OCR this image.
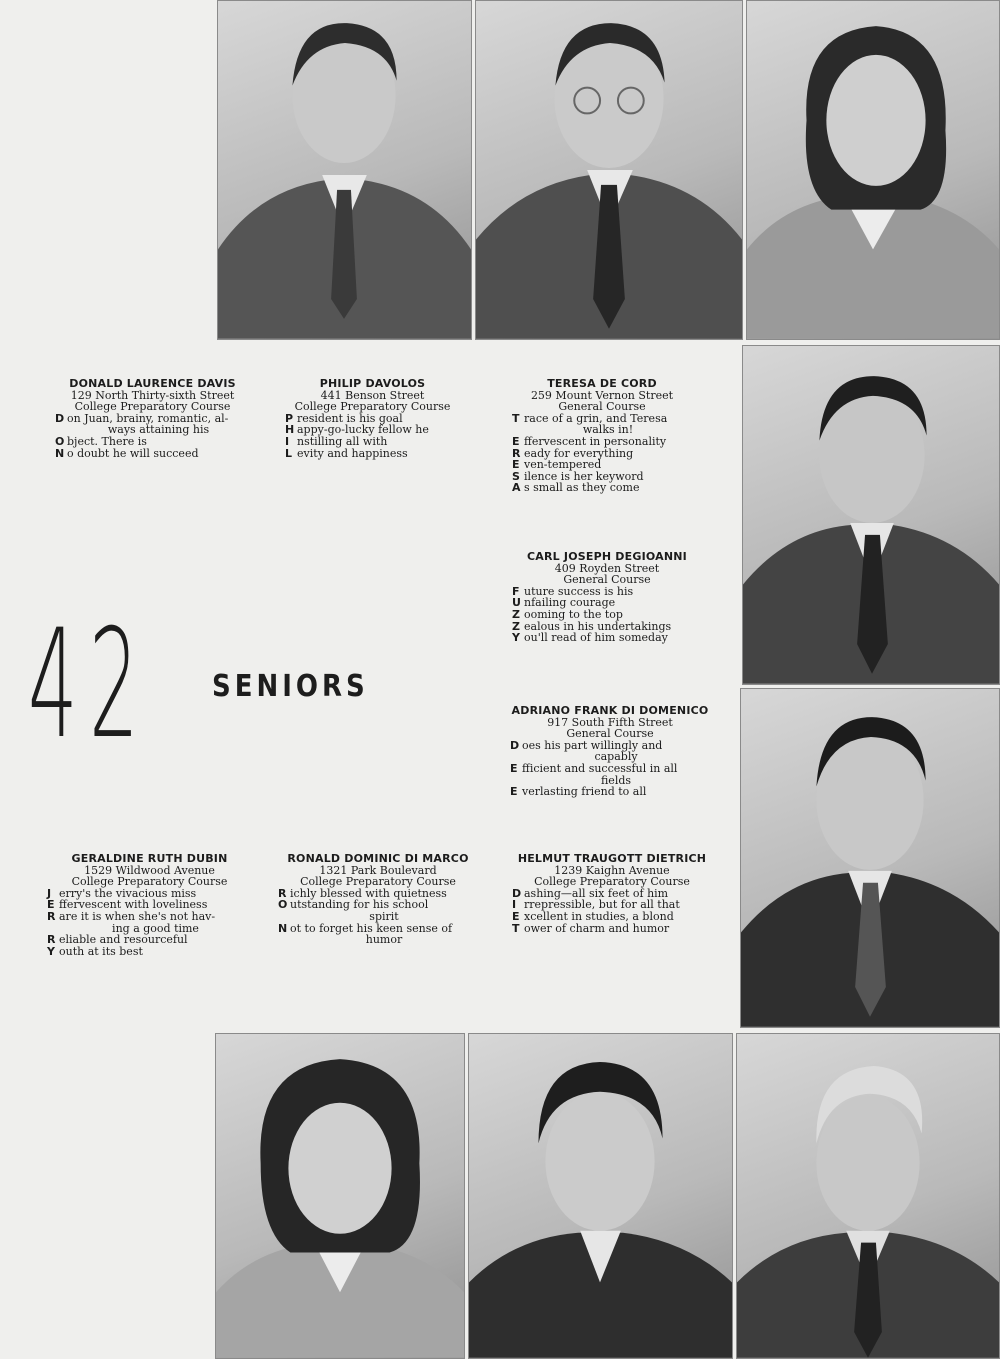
42 SENIORS
DONALD LAURENCE DAVIS
129 North Thirty-sixth Street
College Preparatory Course
D on Juan, brainy, romantic, al-
ways attaining his
O bject. There is
N o doubt he will succeed
PHILIP DAVOLOS
441 Benson Street
College Preparatory Course
P resident is his goal
H appy-go-lucky fellow he
I nstilling all with
L evity and happiness
TERESA DE CORD
259 Mount Vernon Street
General Course
T race of a grin, and Teresa
walks in!
E ffervescent in personality
R eady for everything
E ven-tempered
S ilence is her keyword
A s small as they come
CARL JOSEPH DEGIOANNI
409 Royden Street
General Course
F uture success is his
U nfailing courage
Z ooming to the top
Z ealous in his undertakings
Y ou'll read of him someday
ADRIANO FRANK DI DOMENICO
917 South Fifth Street
General Course
D oes his part willingly and
capably
E fficient and successful in all
fields
E verlasting friend to all
GERALDINE RUTH DUBIN
1529 Wildwood Avenue
College Preparatory Course
J erry's the vivacious miss
E ffervescent with loveliness
R are it is when she's not hav-
ing a good time
R eliable and resourceful
Y outh at its best
RONALD DOMINIC DI MARCO
1321 Park Boulevard
College Preparatory Course
R ichly blessed with quietness
O utstanding for his school
spirit
N ot to forget his keen sense of
humor
HELMUT TRAUGOTT DIETRICH
1239 Kaighn Avenue
College Preparatory Course
D ashing—all six feet of him
I rrepressible, but for all that
E xcellent in studies, a blond
T ower of charm and humor
